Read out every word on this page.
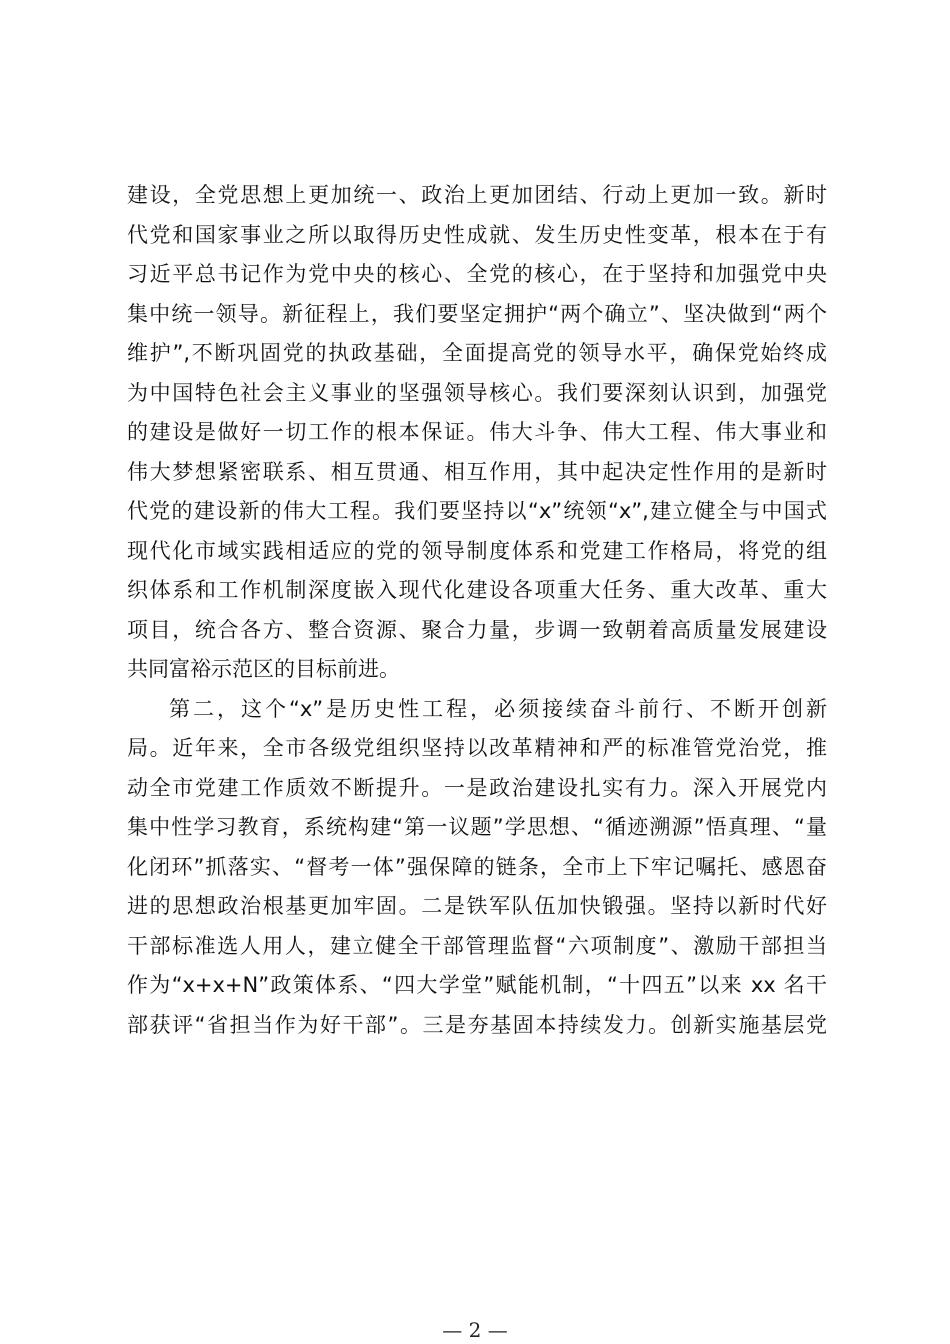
建设，全党思想上更加统一、政治上更加团结、行动上更加一致。新时
代党和国家事业之所以取得历史性成就、发生历史性变革，根本在于有
习近平总书记作为党中央的核心、全党的核心，在于坚持和加强党中央
集中统一领导。新征程上，我们要坚定拥护“两个确立”、坚决做到“两个
维护”,不断巩固党的执政基础，全面提高党的领导水平，确保党始终成
为中国特色社会主义事业的坚强领导核心。我们要深刻认识到，加强党
的建设是做好一切工作的根本保证。伟大斗争、伟大工程、伟大事业和
伟大梦想紧密联系、相互贯通、相互作用，其中起决定性作用的是新时
代党的建设新的伟大工程。我们要坚持以“x”统领“x”,建立健全与中国式
现代化市域实践相适应的党的领导制度体系和党建工作格局，将党的组
织体系和工作机制深度嵌入现代化建设各项重大任务、重大改革、重大
项目，统合各方、整合资源、聚合力量，步调一致朝着高质量发展建设
共同富裕示范区的目标前进。
第二，这个“x”是历史性工程，必须接续奋斗前行、不断开创新
局。近年来，全市各级党组织坚持以改革精神和严的标准管党治党，推
动全市党建工作质效不断提升。一是政治建设扎实有力。深入开展党内
集中性学习教育，系统构建“第一议题”学思想、“循迹溯源”悟真理、“量
化闭环”抓落实、“督考一体”强保障的链条，全市上下牢记嘱托、感恩奋
进的思想政治根基更加牢固。二是铁军队伍加快锻强。坚持以新时代好
干部标准选人用人，建立健全干部管理监督“六项制度”、激励干部担当
作为“x+x+N”政策体系、“四大学堂”赋能机制，“十四五”以来 xx 名干
部获评“省担当作为好干部”。三是夯基固本持续发力。创新实施基层党
— 2 —
